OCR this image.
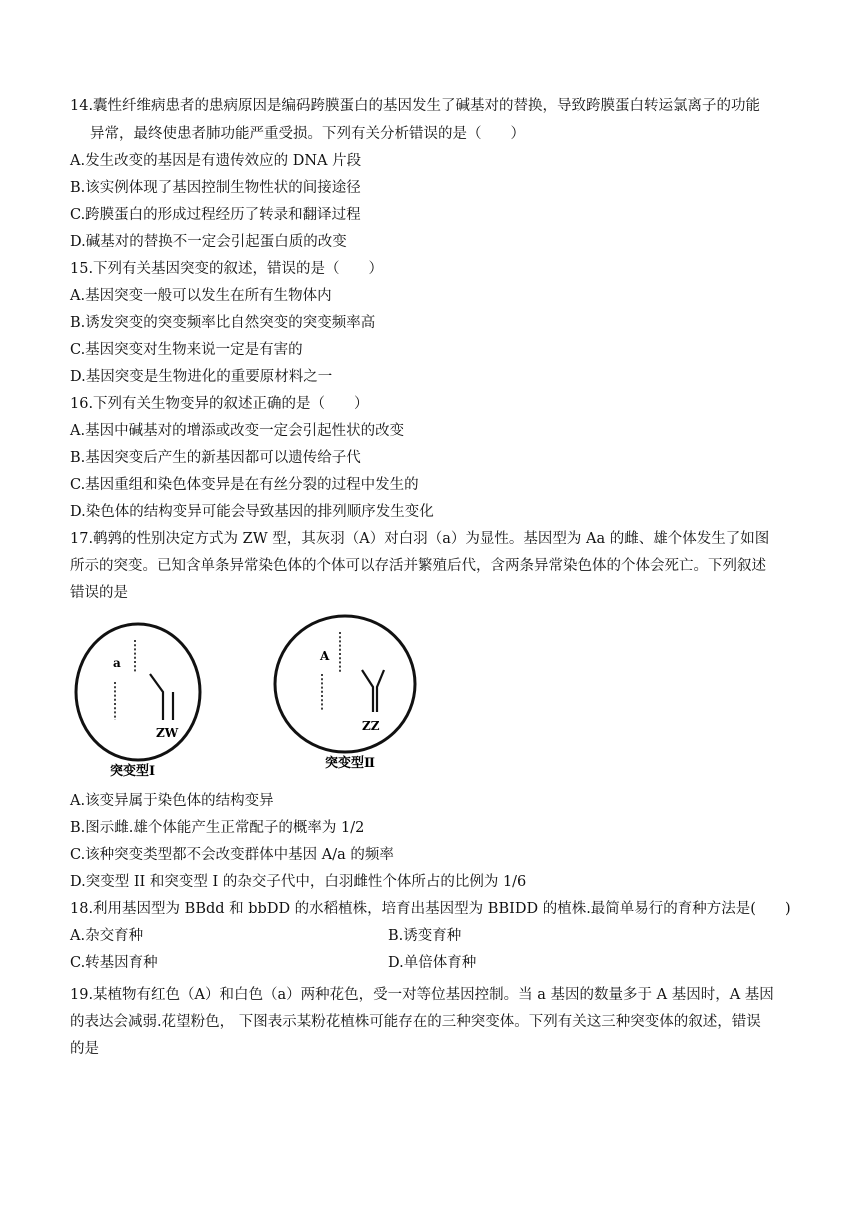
14.囊性纤维病患者的患病原因是编码跨膜蛋白的基因发生了碱基对的替换，导致跨膜蛋白转运氯离子的功能
异常，最终使患者肺功能严重受损。下列有关分析错误的是（　　）
A.发生改变的基因是有遗传效应的 DNA 片段
B.该实例体现了基因控制生物性状的间接途径
C.跨膜蛋白的形成过程经历了转录和翻译过程
D.碱基对的替换不一定会引起蛋白质的改变
15.下列有关基因突变的叙述，错误的是（　　）
A.基因突变一般可以发生在所有生物体内
B.诱发突变的突变频率比自然突变的突变频率高
C.基因突变对生物来说一定是有害的
D.基因突变是生物进化的重要原材料之一
16.下列有关生物变异的叙述正确的是（　　）
A.基因中碱基对的增添或改变一定会引起性状的改变
B.基因突变后产生的新基因都可以遗传给子代
C.基因重组和染色体变异是在有丝分裂的过程中发生的
D.染色体的结构变异可能会导致基因的排列顺序发生变化
17.鹌鹑的性别决定方式为 ZW 型，其灰羽（A）对白羽（a）为显性。基因型为 Aa 的雌、雄个体发生了如图
所示的突变。已知含单条异常染色体的个体可以存活并繁殖后代，含两条异常染色体的个体会死亡。下列叙述
错误的是
a
ZW
突变型Ⅰ
A
ZZ
突变型Ⅱ
A.该变异属于染色体的结构变异
B.图示雌.雄个体能产生正常配子的概率为 1/2
C.该种突变类型都不会改变群体中基因 A/a 的频率
D.突变型 II 和突变型 I 的杂交子代中，白羽雌性个体所占的比例为 1/6
18.利用基因型为 BBdd 和 bbDD 的水稻植株，培育出基因型为 BBIDD 的植株.最简单易行的育种方法是(　　)
A.杂交育种	B.诱变育种
C.转基因育种	D.单倍体育种
19.某植物有红色（A）和白色（a）两种花色，受一对等位基因控制。当 a 基因的数量多于 A 基因时，A 基因
的表达会减弱.花望粉色， 下图表示某粉花植株可能存在的三种突变体。下列有关这三种突变体的叙述，错误
的是
